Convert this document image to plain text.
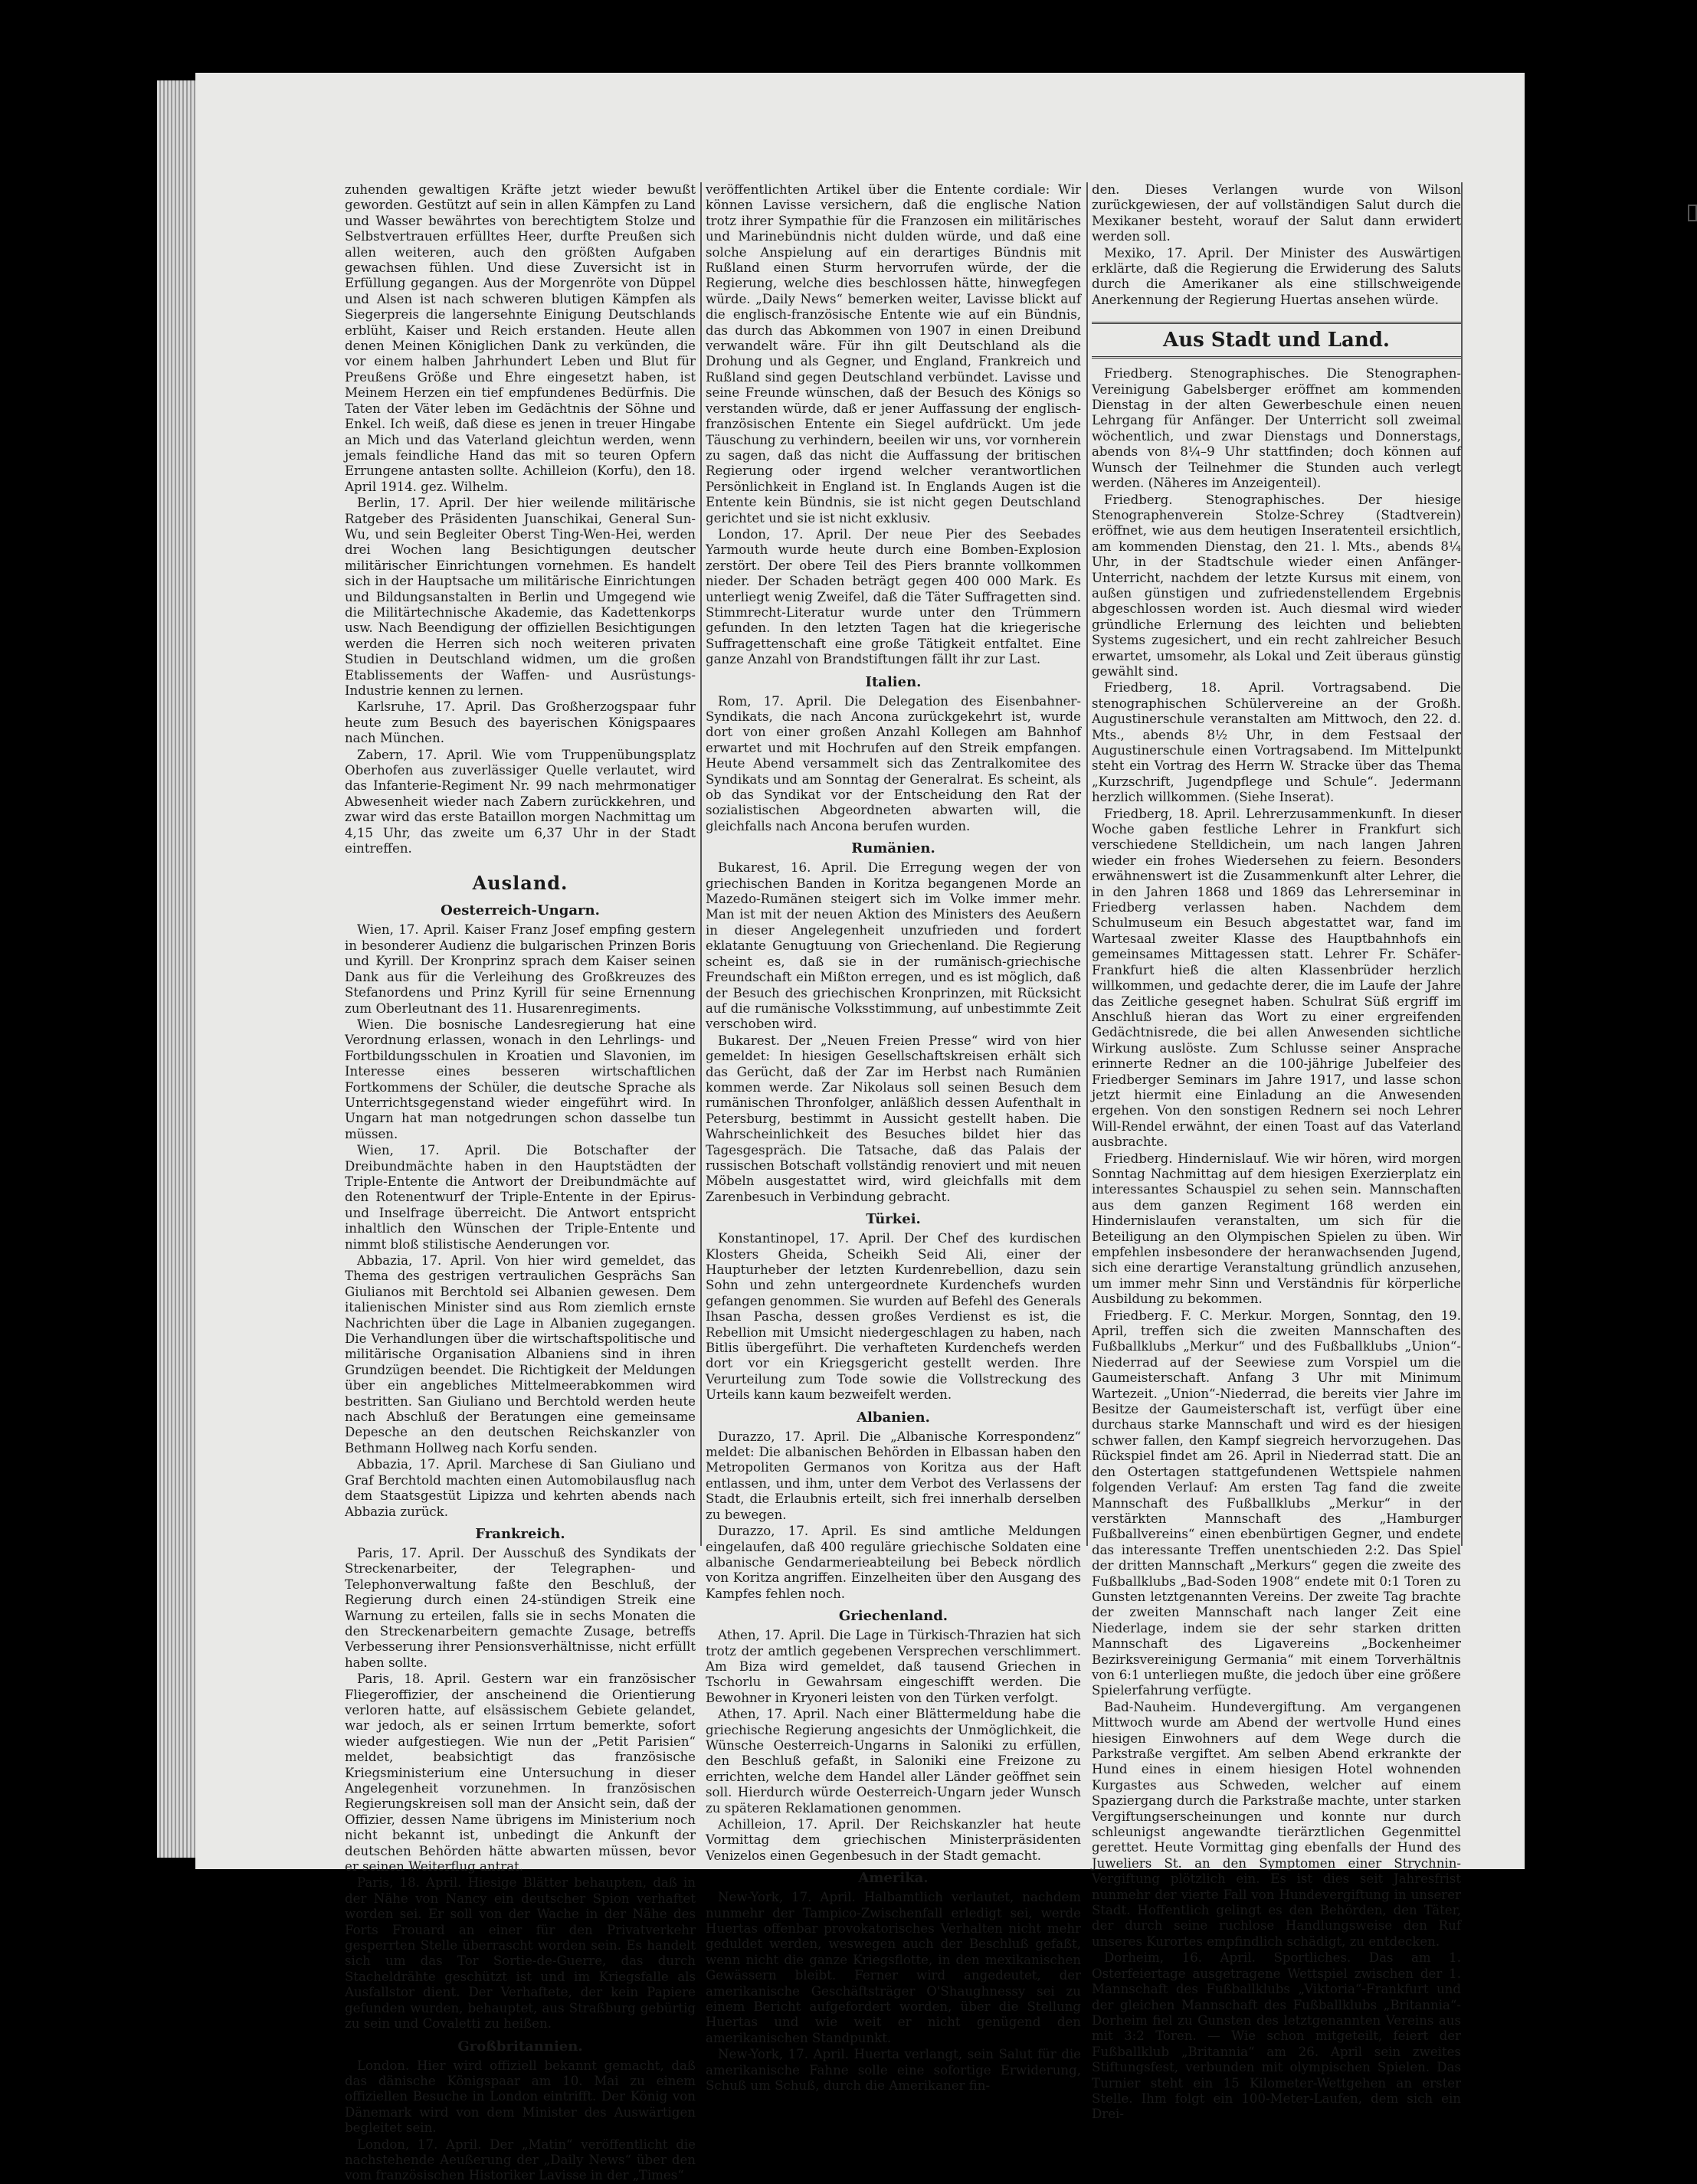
zuhenden gewaltigen Kräfte jetzt wieder bewußt geworden. Gestützt auf sein in allen Kämpfen zu Land und Wasser bewährtes von berechtigtem Stolze und Selbstvertrauen erfülltes Heer, durfte Preußen sich allen weiteren, auch den größten Aufgaben gewachsen fühlen. Und diese Zuversicht ist in Erfüllung gegangen. Aus der Morgenröte von Düppel und Alsen ist nach schweren blutigen Kämpfen als Siegerpreis die langersehnte Einigung Deutschlands erblüht, Kaiser und Reich erstanden. Heute allen denen Meinen Königlichen Dank zu verkünden, die vor einem halben Jahrhundert Leben und Blut für Preußens Größe und Ehre eingesetzt haben, ist Meinem Herzen ein tief empfundenes Bedürfnis. Die Taten der Väter leben im Gedächtnis der Söhne und Enkel. Ich weiß, daß diese es jenen in treuer Hingabe an Mich und das Vaterland gleichtun werden, wenn jemals feindliche Hand das mit so teuren Opfern Errungene antasten sollte. Achilleion (Korfu), den 18. April 1914. gez. Wilhelm.

Berlin, 17. April. Der hier weilende militärische Ratgeber des Präsidenten Juanschikai, General Sun-Wu, und sein Begleiter Oberst Ting-Wen-Hei, werden drei Wochen lang Besichtigungen deutscher militärischer Einrichtungen vornehmen. Es handelt sich in der Hauptsache um militärische Einrichtungen und Bildungsanstalten in Berlin und Umgegend wie die Militärtechnische Akademie, das Kadettenkorps usw. Nach Beendigung der offiziellen Besichtigungen werden die Herren sich noch weiteren privaten Studien in Deutschland widmen, um die großen Etablissements der Waffen- und Ausrüstungs-Industrie kennen zu lernen.

Karlsruhe, 17. April. Das Großherzogspaar fuhr heute zum Besuch des bayerischen Königspaares nach München.

Zabern, 17. April. Wie vom Truppenübungsplatz Oberhofen aus zuverlässiger Quelle verlautet, wird das Infanterie-Regiment Nr. 99 nach mehrmonatiger Abwesenheit wieder nach Zabern zurückkehren, und zwar wird das erste Bataillon morgen Nachmittag um 4,15 Uhr, das zweite um 6,37 Uhr in der Stadt eintreffen.

Ausland.
Oesterreich-Ungarn.

Wien, 17. April. Kaiser Franz Josef empfing gestern in besonderer Audienz die bulgarischen Prinzen Boris und Kyrill. Der Kronprinz sprach dem Kaiser seinen Dank aus für die Verleihung des Großkreuzes des Stefanordens und Prinz Kyrill für seine Ernennung zum Oberleutnant des 11. Husarenregiments.

Wien. Die bosnische Landesregierung hat eine Verordnung erlassen, wonach in den Lehrlings- und Fortbildungsschulen in Kroatien und Slavonien, im Interesse eines besseren wirtschaftlichen Fortkommens der Schüler, die deutsche Sprache als Unterrichtsgegenstand wieder eingeführt wird. In Ungarn hat man notgedrungen schon dasselbe tun müssen.

Wien, 17. April. Die Botschafter der Dreibundmächte haben in den Hauptstädten der Triple-Entente die Antwort der Dreibundmächte auf den Rotenentwurf der Triple-Entente in der Epirus- und Inselfrage überreicht. Die Antwort entspricht inhaltlich den Wünschen der Triple-Entente und nimmt bloß stilistische Aenderungen vor.

Abbazia, 17. April. Von hier wird gemeldet, das Thema des gestrigen vertraulichen Gesprächs San Giulianos mit Berchtold sei Albanien gewesen. Dem italienischen Minister sind aus Rom ziemlich ernste Nachrichten über die Lage in Albanien zugegangen. Die Verhandlungen über die wirtschaftspolitische und militärische Organisation Albaniens sind in ihren Grundzügen beendet. Die Richtigkeit der Meldungen über ein angebliches Mittelmeerabkommen wird bestritten. San Giuliano und Berchtold werden heute nach Abschluß der Beratungen eine gemeinsame Depesche an den deutschen Reichskanzler von Bethmann Hollweg nach Korfu senden.

Abbazia, 17. April. Marchese di San Giuliano und Graf Berchtold machten einen Automobilausflug nach dem Staatsgestüt Lipizza und kehrten abends nach Abbazia zurück.

Frankreich.

Paris, 17. April. Der Ausschuß des Syndikats der Streckenarbeiter, der Telegraphen- und Telephonverwaltung faßte den Beschluß, der Regierung durch einen 24-stündigen Streik eine Warnung zu erteilen, falls sie in sechs Monaten die den Streckenarbeitern gemachte Zusage, betreffs Verbesserung ihrer Pensionsverhältnisse, nicht erfüllt haben sollte.

Paris, 18. April. Gestern war ein französischer Fliegeroffizier, der anscheinend die Orientierung verloren hatte, auf elsässischem Gebiete gelandet, war jedoch, als er seinen Irrtum bemerkte, sofort wieder aufgestiegen. Wie nun der „Petit Parisien“ meldet, beabsichtigt das französische Kriegsministerium eine Untersuchung in dieser Angelegenheit vorzunehmen. In französischen Regierungskreisen soll man der Ansicht sein, daß der Offizier, dessen Name übrigens im Ministerium noch nicht bekannt ist, unbedingt die Ankunft der deutschen Behörden hätte abwarten müssen, bevor er seinen Weiterflug antrat.

Paris, 18. April. Hiesige Blätter behaupten, daß in der Nähe von Nancy ein deutscher Spion verhaftet worden sei. Er soll von der Wache in der Nähe des Forts Frouard an einer für den Privatverkehr gesperrten Stelle überrascht worden sein. Es handelt sich um das Tor Sortie-de-Guerre, das durch Stacheldrähte geschützt ist und im Kriegsfalle als Ausfallstor dient. Der Verhaftete, der kein Papiere gefunden wurden, behauptet, aus Straßburg gebürtig zu sein und Covaletti zu heißen.

Großbritannien.

London. Hier wird offiziell bekannt gemacht, daß das dänische Königspaar am 10. Mai zu einem offiziellen Besuche in London eintrifft. Der König von Dänemark wird von dem Minister des Auswärtigen begleitet sein.

London, 17. April. Der „Matin“ veröffentlicht die nachstehende Aeußerung der „Daily News“ über den vom französischen Historiker Lavisse in der „Times“

veröffentlichten Artikel über die Entente cordiale: Wir können Lavisse versichern, daß die englische Nation trotz ihrer Sympathie für die Franzosen ein militärisches und Marinebündnis nicht dulden würde, und daß eine solche Anspielung auf ein derartiges Bündnis mit Rußland einen Sturm hervorrufen würde, der die Regierung, welche dies beschlossen hätte, hinwegfegen würde. „Daily News“ bemerken weiter, Lavisse blickt auf die englisch-französische Entente wie auf ein Bündnis, das durch das Abkommen von 1907 in einen Dreibund verwandelt wäre. Für ihn gilt Deutschland als die Drohung und als Gegner, und England, Frankreich und Rußland sind gegen Deutschland verbündet. Lavisse und seine Freunde wünschen, daß der Besuch des Königs so verstanden würde, daß er jener Auffassung der englisch-französischen Entente ein Siegel aufdrückt. Um jede Täuschung zu verhindern, beeilen wir uns, vor vornherein zu sagen, daß das nicht die Auffassung der britischen Regierung oder irgend welcher verantwortlichen Persönlichkeit in England ist. In Englands Augen ist die Entente kein Bündnis, sie ist nicht gegen Deutschland gerichtet und sie ist nicht exklusiv.

London, 17. April. Der neue Pier des Seebades Yarmouth wurde heute durch eine Bomben-Explosion zerstört. Der obere Teil des Piers brannte vollkommen nieder. Der Schaden beträgt gegen 400 000 Mark. Es unterliegt wenig Zweifel, daß die Täter Suffragetten sind. Stimmrecht-Literatur wurde unter den Trümmern gefunden. In den letzten Tagen hat die kriegerische Suffragettenschaft eine große Tätigkeit entfaltet. Eine ganze Anzahl von Brandstiftungen fällt ihr zur Last.

Italien.

Rom, 17. April. Die Delegation des Eisenbahner-Syndikats, die nach Ancona zurückgekehrt ist, wurde dort von einer großen Anzahl Kollegen am Bahnhof erwartet und mit Hochrufen auf den Streik empfangen. Heute Abend versammelt sich das Zentralkomitee des Syndikats und am Sonntag der Generalrat. Es scheint, als ob das Syndikat vor der Entscheidung den Rat der sozialistischen Abgeordneten abwarten will, die gleichfalls nach Ancona berufen wurden.

Rumänien.

Bukarest, 16. April. Die Erregung wegen der von griechischen Banden in Koritza begangenen Morde an Mazedo-Rumänen steigert sich im Volke immer mehr. Man ist mit der neuen Aktion des Ministers des Aeußern in dieser Angelegenheit unzufrieden und fordert eklatante Genugtuung von Griechenland. Die Regierung scheint es, daß sie in der rumänisch-griechische Freundschaft ein Mißton erregen, und es ist möglich, daß der Besuch des griechischen Kronprinzen, mit Rücksicht auf die rumänische Volksstimmung, auf unbestimmte Zeit verschoben wird.

Bukarest. Der „Neuen Freien Presse“ wird von hier gemeldet: In hiesigen Gesellschaftskreisen erhält sich das Gerücht, daß der Zar im Herbst nach Rumänien kommen werde. Zar Nikolaus soll seinen Besuch dem rumänischen Thronfolger, anläßlich dessen Aufenthalt in Petersburg, bestimmt in Aussicht gestellt haben. Die Wahrscheinlichkeit des Besuches bildet hier das Tagesgespräch. Die Tatsache, daß das Palais der russischen Botschaft vollständig renoviert und mit neuen Möbeln ausgestattet wird, wird gleichfalls mit dem Zarenbesuch in Verbindung gebracht.

Türkei.

Konstantinopel, 17. April. Der Chef des kurdischen Klosters Gheida, Scheikh Seid Ali, einer der Haupturheber der letzten Kurdenrebellion, dazu sein Sohn und zehn untergeordnete Kurdenchefs wurden gefangen genommen. Sie wurden auf Befehl des Generals Ihsan Pascha, dessen großes Verdienst es ist, die Rebellion mit Umsicht niedergeschlagen zu haben, nach Bitlis übergeführt. Die verhafteten Kurdenchefs werden dort vor ein Kriegsgericht gestellt werden. Ihre Verurteilung zum Tode sowie die Vollstreckung des Urteils kann kaum bezweifelt werden.

Albanien.

Durazzo, 17. April. Die „Albanische Korrespondenz“ meldet: Die albanischen Behörden in Elbassan haben den Metropoliten Germanos von Koritza aus der Haft entlassen, und ihm, unter dem Verbot des Verlassens der Stadt, die Erlaubnis erteilt, sich frei innerhalb derselben zu bewegen.

Durazzo, 17. April. Es sind amtliche Meldungen eingelaufen, daß 400 reguläre griechische Soldaten eine albanische Gendarmerieabteilung bei Bebeck nördlich von Koritza angriffen. Einzelheiten über den Ausgang des Kampfes fehlen noch.

Griechenland.

Athen, 17. April. Die Lage in Türkisch-Thrazien hat sich trotz der amtlich gegebenen Versprechen verschlimmert. Am Biza wird gemeldet, daß tausend Griechen in Tschorlu in Gewahrsam eingeschifft werden. Die Bewohner in Kryoneri leisten von den Türken verfolgt.

Athen, 17. April. Nach einer Blättermeldung habe die griechische Regierung angesichts der Unmöglichkeit, die Wünsche Oesterreich-Ungarns in Saloniki zu erfüllen, den Beschluß gefaßt, in Saloniki eine Freizone zu errichten, welche dem Handel aller Länder geöffnet sein soll. Hierdurch würde Oesterreich-Ungarn jeder Wunsch zu späteren Reklamationen genommen.

Achilleion, 17. April. Der Reichskanzler hat heute Vormittag dem griechischen Ministerpräsidenten Venizelos einen Gegenbesuch in der Stadt gemacht.

Amerika.

New-York, 17. April. Halbamtlich verlautet, nachdem nunmehr der Tampico-Zwischenfall erledigt sei, werde Huertas offenbar provokatorisches Verhalten nicht mehr geduldet werden, weswegen auch der Beschluß gefaßt, wenn nicht die ganze Kriegsflotte, in den mexikanischen Gewässern bleibt. Ferner wird angedeutet, der amerikanische Geschäftsträger O'Shaughnessy sei zu einem Bericht aufgefordert worden, über die Stellung Huertas und wie weit er nicht genügend den amerikanischen Standpunkt.

New-York, 17. April. Huerta verlangt, sein Salut für die amerikanische Fahne solle eine sofortige Erwiderung, Schuß um Schuß, durch die Amerikaner fin-

den. Dieses Verlangen wurde von Wilson zurückgewiesen, der auf vollständigen Salut durch die Mexikaner besteht, worauf der Salut dann erwidert werden soll.

Mexiko, 17. April. Der Minister des Auswärtigen erklärte, daß die Regierung die Erwiderung des Saluts durch die Amerikaner als eine stillschweigende Anerkennung der Regierung Huertas ansehen würde.

Aus Stadt und Land.

Friedberg. Stenographisches. Die Stenographen-Vereinigung Gabelsberger eröffnet am kommenden Dienstag in der alten Gewerbeschule einen neuen Lehrgang für Anfänger. Der Unterricht soll zweimal wöchentlich, und zwar Dienstags und Donnerstags, abends von 8¼–9 Uhr stattfinden; doch können auf Wunsch der Teilnehmer die Stunden auch verlegt werden. (Näheres im Anzeigenteil).

Friedberg. Stenographisches. Der hiesige Stenographenverein Stolze-Schrey (Stadtverein) eröffnet, wie aus dem heutigen Inseratenteil ersichtlich, am kommenden Dienstag, den 21. l. Mts., abends 8¼ Uhr, in der Stadtschule wieder einen Anfänger-Unterricht, nachdem der letzte Kursus mit einem, von außen günstigen und zufriedenstellendem Ergebnis abgeschlossen worden ist. Auch diesmal wird wieder gründliche Erlernung des leichten und beliebten Systems zugesichert, und ein recht zahlreicher Besuch erwartet, umsomehr, als Lokal und Zeit überaus günstig gewählt sind.

Friedberg, 18. April. Vortragsabend. Die stenographischen Schülervereine an der Großh. Augustinerschule veranstalten am Mittwoch, den 22. d. Mts., abends 8½ Uhr, in dem Festsaal der Augustinerschule einen Vortragsabend. Im Mittelpunkt steht ein Vortrag des Herrn W. Stracke über das Thema „Kurzschrift, Jugendpflege und Schule“. Jedermann herzlich willkommen. (Siehe Inserat).

Friedberg, 18. April. Lehrerzusammenkunft. In dieser Woche gaben festliche Lehrer in Frankfurt sich verschiedene Stelldichein, um nach langen Jahren wieder ein frohes Wiedersehen zu feiern. Besonders erwähnenswert ist die Zusammenkunft alter Lehrer, die in den Jahren 1868 und 1869 das Lehrerseminar in Friedberg verlassen haben. Nachdem dem Schulmuseum ein Besuch abgestattet war, fand im Wartesaal zweiter Klasse des Hauptbahnhofs ein gemeinsames Mittagessen statt. Lehrer Fr. Schäfer-Frankfurt hieß die alten Klassenbrüder herzlich willkommen, und gedachte derer, die im Laufe der Jahre das Zeitliche gesegnet haben. Schulrat Süß ergriff im Anschluß hieran das Wort zu einer ergreifenden Gedächtnisrede, die bei allen Anwesenden sichtliche Wirkung auslöste. Zum Schlusse seiner Ansprache erinnerte Redner an die 100-jährige Jubelfeier des Friedberger Seminars im Jahre 1917, und lasse schon jetzt hiermit eine Einladung an die Anwesenden ergehen. Von den sonstigen Rednern sei noch Lehrer Will-Rendel erwähnt, der einen Toast auf das Vaterland ausbrachte.

Friedberg. Hindernislauf. Wie wir hören, wird morgen Sonntag Nachmittag auf dem hiesigen Exerzierplatz ein interessantes Schauspiel zu sehen sein. Mannschaften aus dem ganzen Regiment 168 werden ein Hindernislaufen veranstalten, um sich für die Beteiligung an den Olympischen Spielen zu üben. Wir empfehlen insbesondere der heranwachsenden Jugend, sich eine derartige Veranstaltung gründlich anzusehen, um immer mehr Sinn und Verständnis für körperliche Ausbildung zu bekommen.

Friedberg. F. C. Merkur. Morgen, Sonntag, den 19. April, treffen sich die zweiten Mannschaften des Fußballklubs „Merkur“ und des Fußballklubs „Union“-Niederrad auf der Seewiese zum Vorspiel um die Gaumeisterschaft. Anfang 3 Uhr mit Minimum Wartezeit. „Union“-Niederrad, die bereits vier Jahre im Besitze der Gaumeisterschaft ist, verfügt über eine durchaus starke Mannschaft und wird es der hiesigen schwer fallen, den Kampf siegreich hervorzugehen. Das Rückspiel findet am 26. April in Niederrad statt. Die an den Ostertagen stattgefundenen Wettspiele nahmen folgenden Verlauf: Am ersten Tag fand die zweite Mannschaft des Fußballklubs „Merkur“ in der verstärkten Mannschaft des „Hamburger Fußballvereins“ einen ebenbürtigen Gegner, und endete das interessante Treffen unentschieden 2:2. Das Spiel der dritten Mannschaft „Merkurs“ gegen die zweite des Fußballklubs „Bad-Soden 1908“ endete mit 0:1 Toren zu Gunsten letztgenannten Vereins. Der zweite Tag brachte der zweiten Mannschaft nach langer Zeit eine Niederlage, indem sie der sehr starken dritten Mannschaft des Ligavereins „Bockenheimer Bezirksvereinigung Germania“ mit einem Torverhältnis von 6:1 unterliegen mußte, die jedoch über eine größere Spielerfahrung verfügte.

Bad-Nauheim. Hundevergiftung. Am vergangenen Mittwoch wurde am Abend der wertvolle Hund eines hiesigen Einwohners auf dem Wege durch die Parkstraße vergiftet. Am selben Abend erkrankte der Hund eines in einem hiesigen Hotel wohnenden Kurgastes aus Schweden, welcher auf einem Spaziergang durch die Parkstraße machte, unter starken Vergiftungserscheinungen und konnte nur durch schleunigst angewandte tierärztlichen Gegenmittel gerettet. Heute Vormittag ging ebenfalls der Hund des Juweliers St. an den Symptomen einer Strychnin-Vergiftung plötzlich ein. Es ist dies seit Jahresfrist nunmehr der vierte Fall von Hundevergiftung in unserer Stadt. Hoffentlich gelingt es den Behörden, den Täter, der durch seine ruchlose Handlungsweise den Ruf unseres Kurortes empfindlich schädigt, zu entdecken.

Dorheim, 16. April. Sportliches. Das am 1. Osterfeiertage ausgetragene Wettspiel zwischen der 1. Mannschaft des Fußballklubs „Viktoria“-Frankfurt und der gleichen Mannschaft des Fußballklubs „Britannia“-Dorheim fiel zu Gunsten des letztgenannten Vereins aus mit 3:2 Toren. — Wie schon mitgeteilt, feiert der Fußballklub „Britannia“ am 26. April sein zweites Stiftungsfest, verbunden mit olympischen Spielen. Das Turnier steht ein 15 Kilometer-Wettgehen an erster Stelle. Ihm folgt ein 100-Meter-Laufen, dem sich ein Drei-
